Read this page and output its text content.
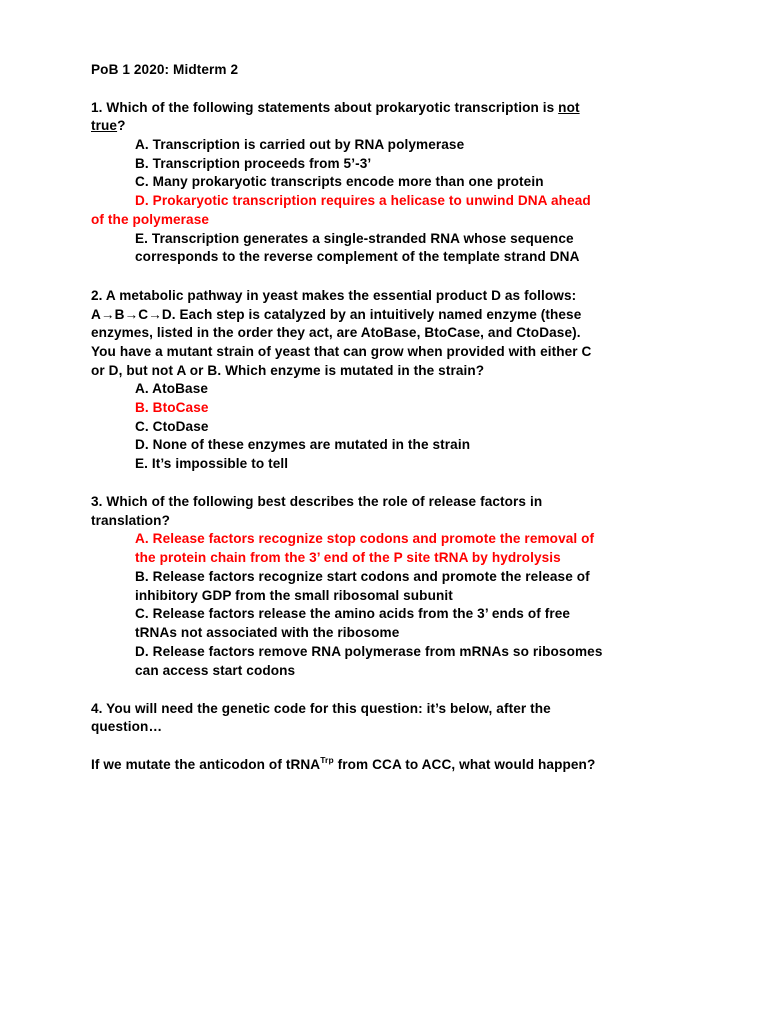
PoB 1 2020: Midterm 2
1. Which of the following statements about prokaryotic transcription is not
true?
A. Transcription is carried out by RNA polymerase
B. Transcription proceeds from 5’-3’
C. Many prokaryotic transcripts encode more than one protein
D. Prokaryotic transcription requires a helicase to unwind DNA ahead
of the polymerase
E. Transcription generates a single-stranded RNA whose sequence
corresponds to the reverse complement of the template strand DNA
2. A metabolic pathway in yeast makes the essential product D as follows:
A→B→C→D. Each step is catalyzed by an intuitively named enzyme (these
enzymes, listed in the order they act, are AtoBase, BtoCase, and CtoDase).
You have a mutant strain of yeast that can grow when provided with either C
or D, but not A or B. Which enzyme is mutated in the strain?
A. AtoBase
B. BtoCase
C. CtoDase
D. None of these enzymes are mutated in the strain
E. It’s impossible to tell
3. Which of the following best describes the role of release factors in
translation?
A. Release factors recognize stop codons and promote the removal of
the protein chain from the 3’ end of the P site tRNA by hydrolysis
B. Release factors recognize start codons and promote the release of
inhibitory GDP from the small ribosomal subunit
C. Release factors release the amino acids from the 3’ ends of free
tRNAs not associated with the ribosome
D. Release factors remove RNA polymerase from mRNAs so ribosomes
can access start codons
4. You will need the genetic code for this question: it’s below, after the
question…
If we mutate the anticodon of tRNA$^{Trp}$ from CCA to ACC, what would happen?
